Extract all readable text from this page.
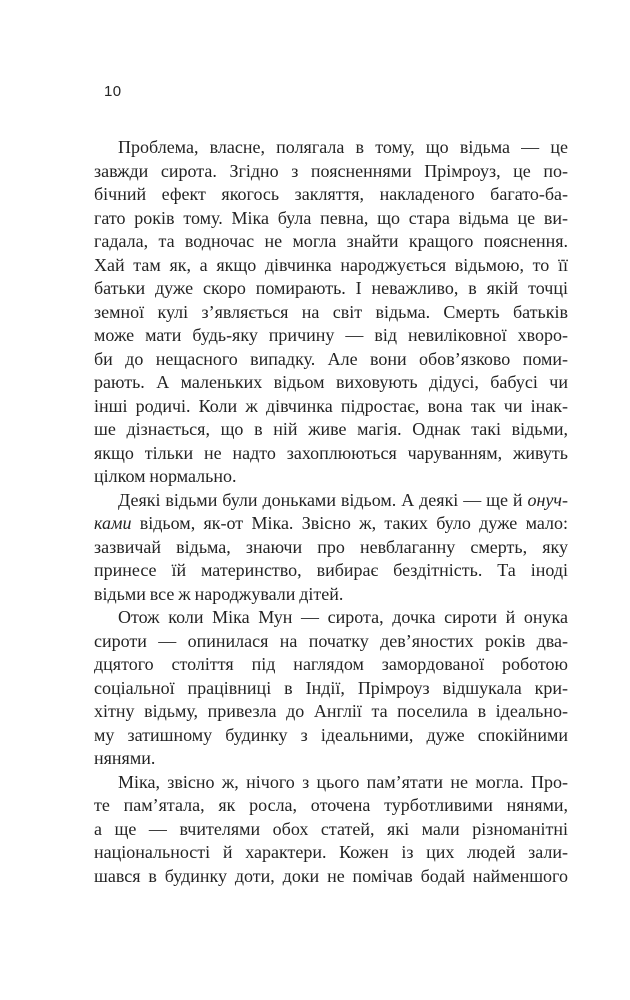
10
Проблема, власне, полягала в тому, що відьма — це
завжди сирота. Згідно з поясненнями Прімроуз, це по-
бічний ефект якогось закляття, накладеного багато-ба-
гато років тому. Міка була певна, що стара відьма це ви-
гадала, та водночас не могла знайти кращого пояснення.
Хай там як, а якщо дівчинка народжується відьмою, то її
батьки дуже скоро помирають. І неважливо, в якій точці
земної кулі з’являється на світ відьма. Смерть батьків
може мати будь-яку причину — від невиліковної хворо-
би до нещасного випадку. Але вони обов’язково поми-
рають. А маленьких відьом виховують дідусі, бабусі чи
інші родичі. Коли ж дівчинка підростає, вона так чи інак-
ше дізнається, що в ній живе магія. Однак такі відьми,
якщо тільки не надто захоплюються чаруванням, живуть
цілком нормально.
Деякі відьми були доньками відьом. А деякі — ще й онуч-
ками відьом, як-от Міка. Звісно ж, таких було дуже мало:
зазвичай відьма, знаючи про невблаганну смерть, яку
принесе їй материнство, вибирає бездітність. Та іноді
відьми все ж народжували дітей.
Отож коли Міка Мун — сирота, дочка сироти й онука
сироти — опинилася на початку дев’яностих років два-
дцятого століття під наглядом замордованої роботою
соціальної працівниці в Індії, Прімроуз відшукала кри-
хітну відьму, привезла до Англії та поселила в ідеально-
му затишному будинку з ідеальними, дуже спокійними
нянями.
Міка, звісно ж, нічого з цього пам’ятати не могла. Про-
те пам’ятала, як росла, оточена турботливими нянями,
а ще — вчителями обох статей, які мали різноманітні
національності й характери. Кожен із цих людей зали-
шався в будинку доти, доки не помічав бодай найменшого
